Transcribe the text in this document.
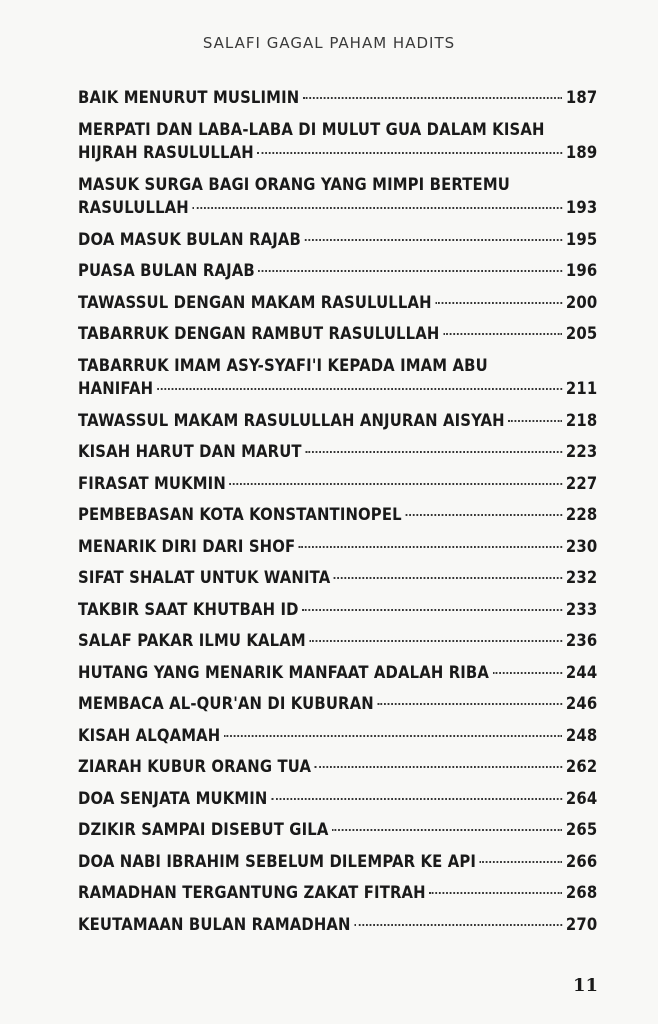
SALAFI GAGAL PAHAM HADITS
BAIK MENURUT MUSLIMIN	187
MERPATI DAN LABA-LABA DI MULUT GUA DALAM KISAH
HIJRAH RASULULLAH	189
MASUK SURGA BAGI ORANG YANG MIMPI BERTEMU
RASULULLAH	193
DOA MASUK BULAN RAJAB	195
PUASA BULAN RAJAB	196
TAWASSUL DENGAN MAKAM RASULULLAH	200
TABARRUK DENGAN RAMBUT RASULULLAH	205
TABARRUK IMAM ASY-SYAFI'I KEPADA IMAM ABU
HANIFAH	211
TAWASSUL MAKAM RASULULLAH ANJURAN AISYAH	218
KISAH HARUT DAN MARUT	223
FIRASAT MUKMIN	227
PEMBEBASAN KOTA KONSTANTINOPEL	228
MENARIK DIRI DARI SHOF	230
SIFAT SHALAT UNTUK WANITA	232
TAKBIR SAAT KHUTBAH ID	233
SALAF PAKAR ILMU KALAM	236
HUTANG YANG MENARIK MANFAAT ADALAH RIBA	244
MEMBACA AL-QUR'AN DI KUBURAN	246
KISAH ALQAMAH	248
ZIARAH KUBUR ORANG TUA	262
DOA SENJATA MUKMIN	264
DZIKIR SAMPAI DISEBUT GILA	265
DOA NABI IBRAHIM SEBELUM DILEMPAR KE API	266
RAMADHAN TERGANTUNG ZAKAT FITRAH	268
KEUTAMAAN BULAN RAMADHAN	270
11
